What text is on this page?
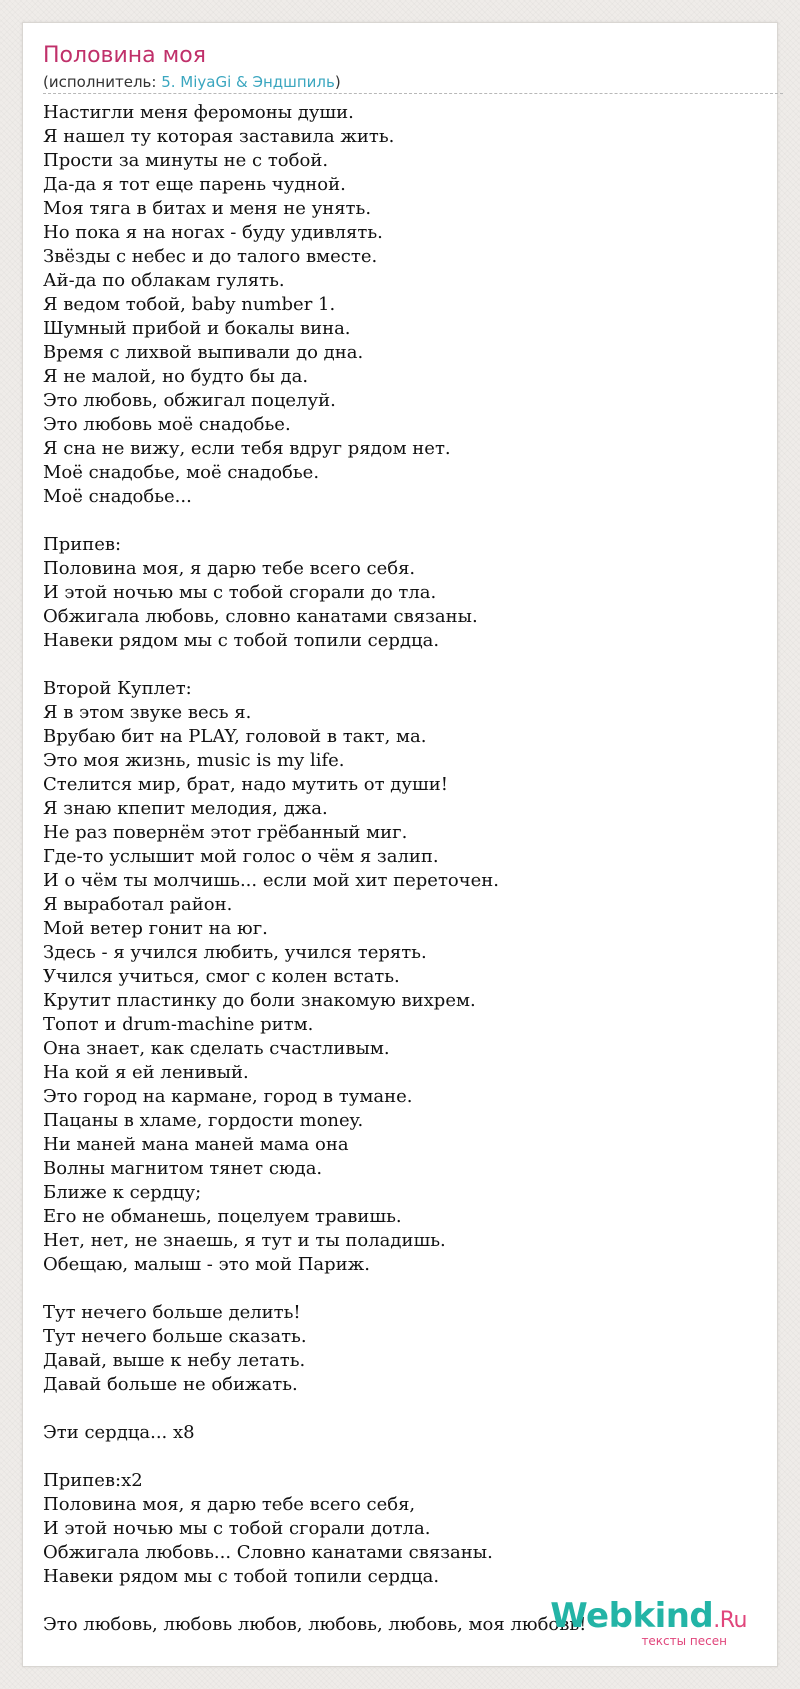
Половина моя
(исполнитель: 5. MiyaGi & Эндшпиль)
Настигли меня феромоны души.
Я нашел ту которая заставила жить.
Прости за минуты не с тобой.
Да-да я тот еще парень чудной.
Моя тяга в битах и меня не унять.
Но пока я на ногах - буду удивлять.
Звёзды с небес и до талого вместе.
Ай-да по облакам гулять.
Я ведом тобой, baby number 1.
Шумный прибой и бокалы вина.
Время с лихвой выпивали до дна.
Я не малой, но будто бы да.
Это любовь, обжигал поцелуй.
Это любовь моё снадобье.
Я сна не вижу, если тебя вдруг рядом нет.
Моё снадобье, моё снадобье.
Моё снадобье...
Припев:
Половина моя, я дарю тебе всего себя.
И этой ночью мы с тобой сгорали до тла.
Обжигала любовь, словно канатами связаны.
Навеки рядом мы с тобой топили сердца.
Второй Куплет:
Я в этом звуке весь я.
Врубаю бит на PLAY, головой в такт, ма.
Это моя жизнь, music is my life.
Стелится мир, брат, надо мутить от души!
Я знаю кпепит мелодия, джа.
Не раз повернём этот грёбанный миг.
Где-то услышит мой голос о чём я залип.
И о чём ты молчишь... если мой хит переточен.
Я выработал район.
Мой ветер гонит на юг.
Здесь - я учился любить, учился терять.
Учился учиться, смог с колен встать.
Крутит пластинку до боли знакомую вихрем.
Топот и drum-machine ритм.
Она знает, как сделать счастливым.
На кой я ей ленивый.
Это город на кармане, город в тумане.
Пацаны в хламе, гордости money.
Ни маней мана маней мама она
Волны магнитом тянет сюда.
Ближе к сердцу;
Его не обманешь, поцелуем травишь.
Нет, нет, не знаешь, я тут и ты поладишь.
Обещаю, малыш - это мой Париж.
Тут нечего больше делить!
Тут нечего больше сказать.
Давай, выше к небу летать.
Давай больше не обижать.
Эти сердца... x8
Припев:x2
Половина моя, я дарю тебе всего себя,
И этой ночью мы с тобой сгорали дотла.
Обжигала любовь... Словно канатами связаны.
Навеки рядом мы с тобой топили сердца.
Это любовь, любовь любов, любовь, любовь, моя любовь!
Webkind.Ru
тексты песен
